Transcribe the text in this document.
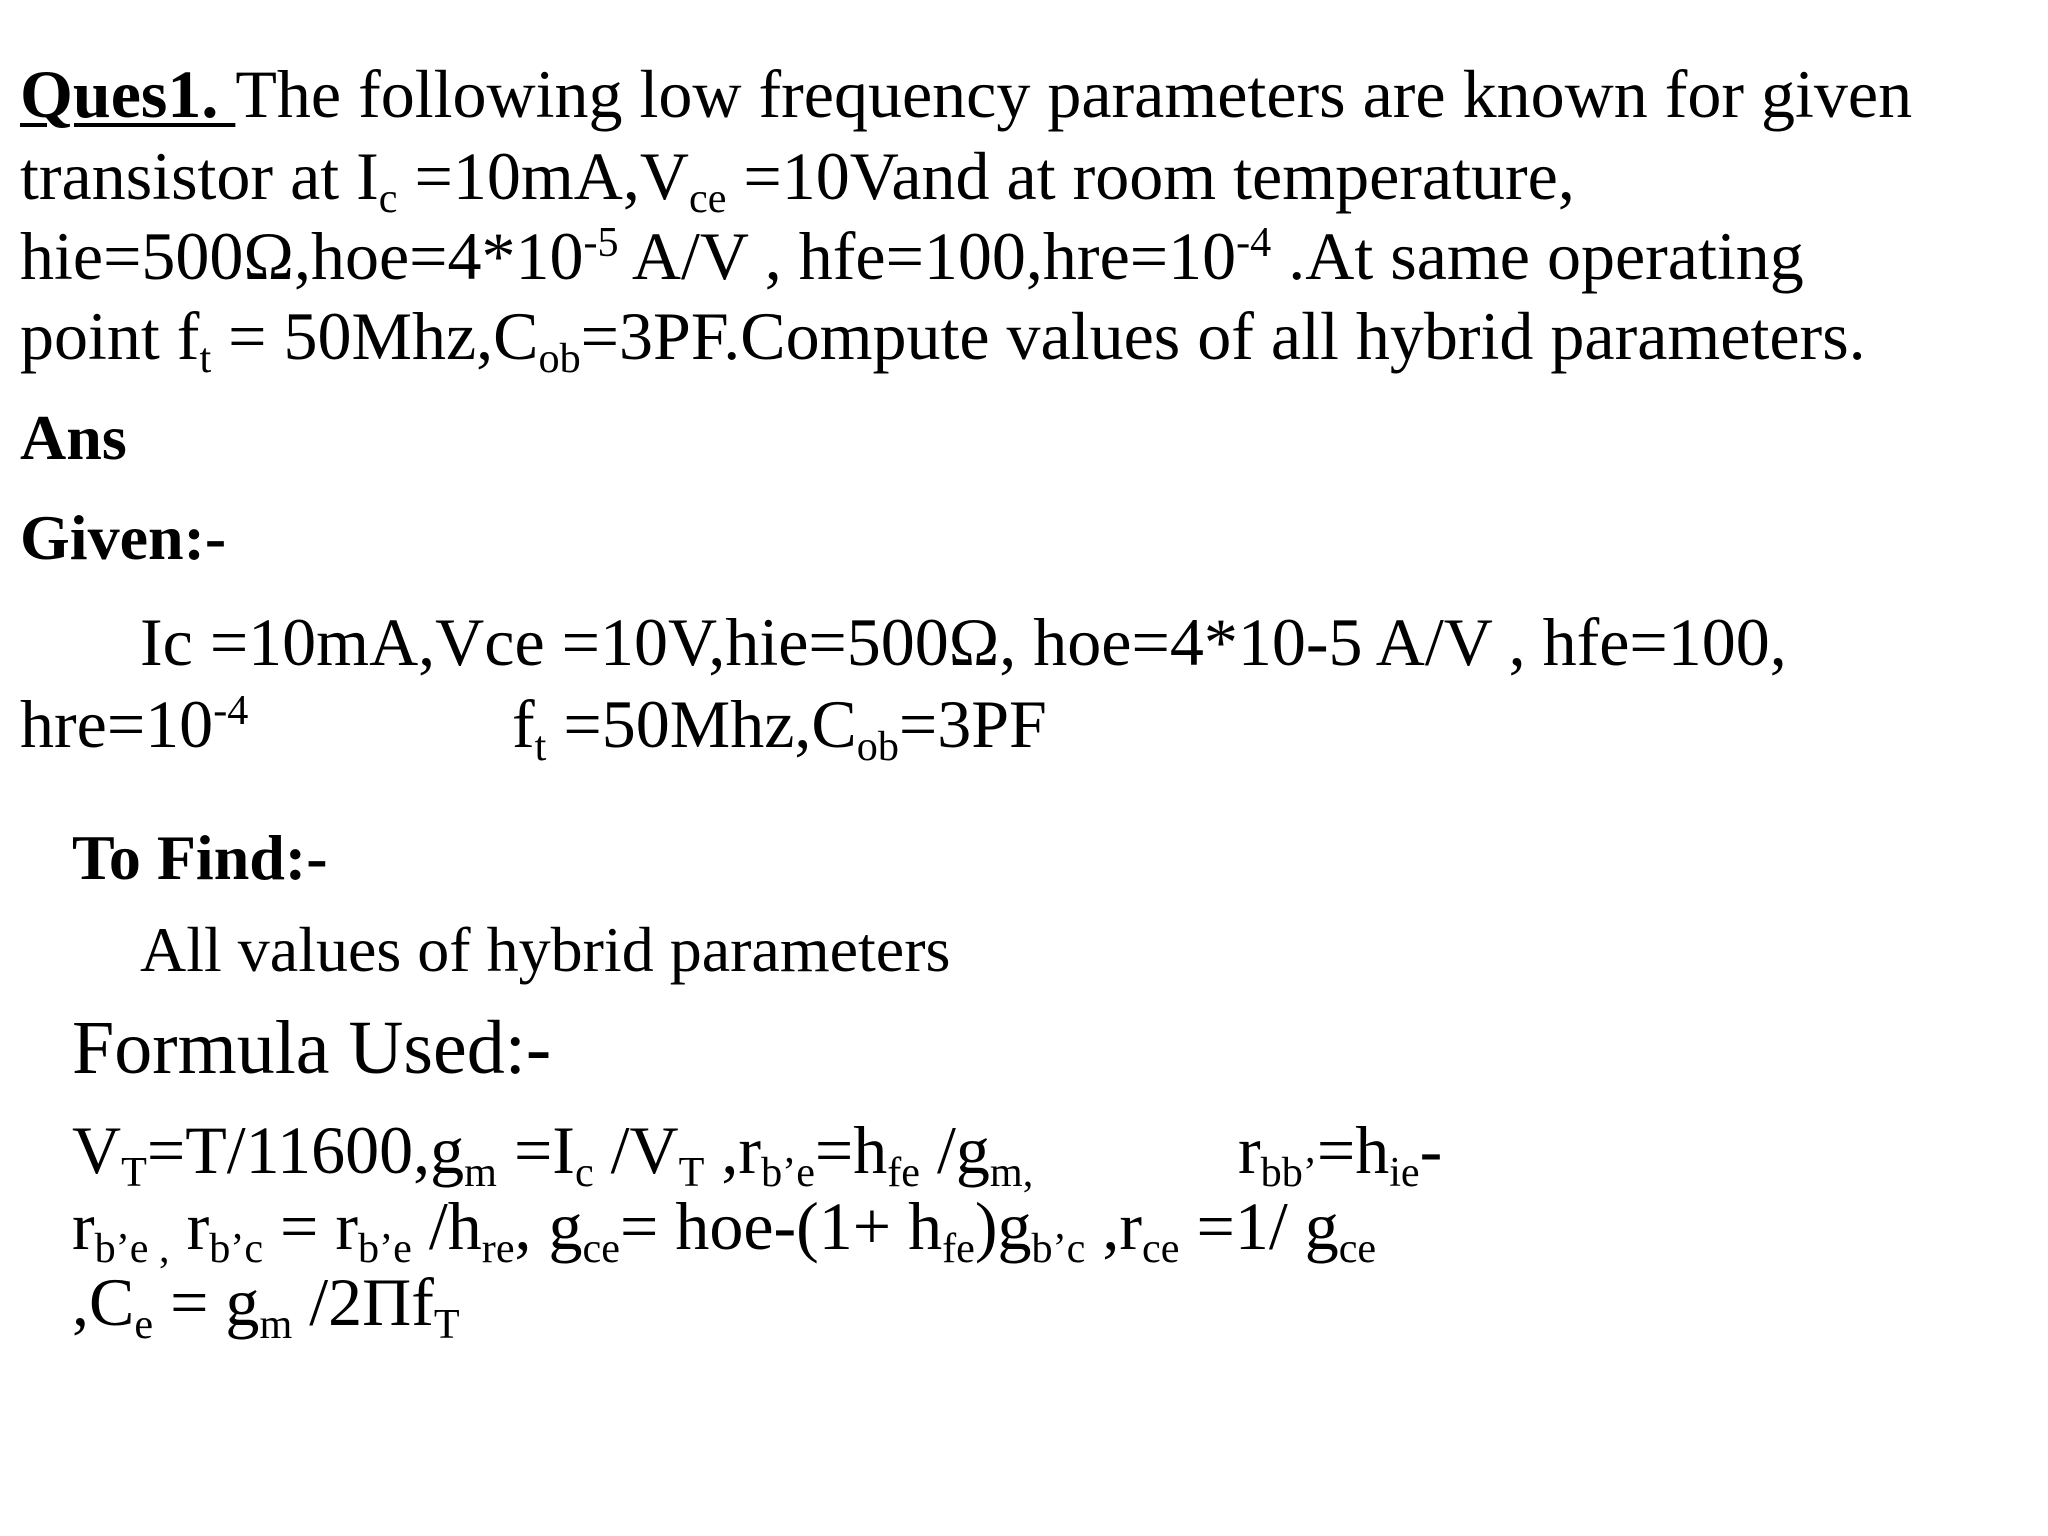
Ques1. The following low frequency parameters are known for given
transistor at Ic =10mA,Vce =10Vand at room temperature,
$hie=500\Omega,hoe=4*10^{-5}$ A/V , $hfe=100,hre=10^{-4}$ .At same operating
point ft = 50Mhz,Cob=3PF.Compute values of all hybrid parameters.
Ans
Given:-
Ic =10mA,Vce =10V,hie=500Ω, hoe=4*10-5 A/V , hfe=100,
$hre=10^{-4}$	ft =50Mhz,Cob=3PF
To Find:-
All values of hybrid parameters
Formula Used:-
VT=T/11600,gm =Ic /VT ,rb’e=hfe /gm,	rbb’=hie-
rb’e , rb’c = rb’e /hre, gce= hoe-(1+ hfe)gb’c ,rce =1/ gce
,Ce = gm /2ΠfT
